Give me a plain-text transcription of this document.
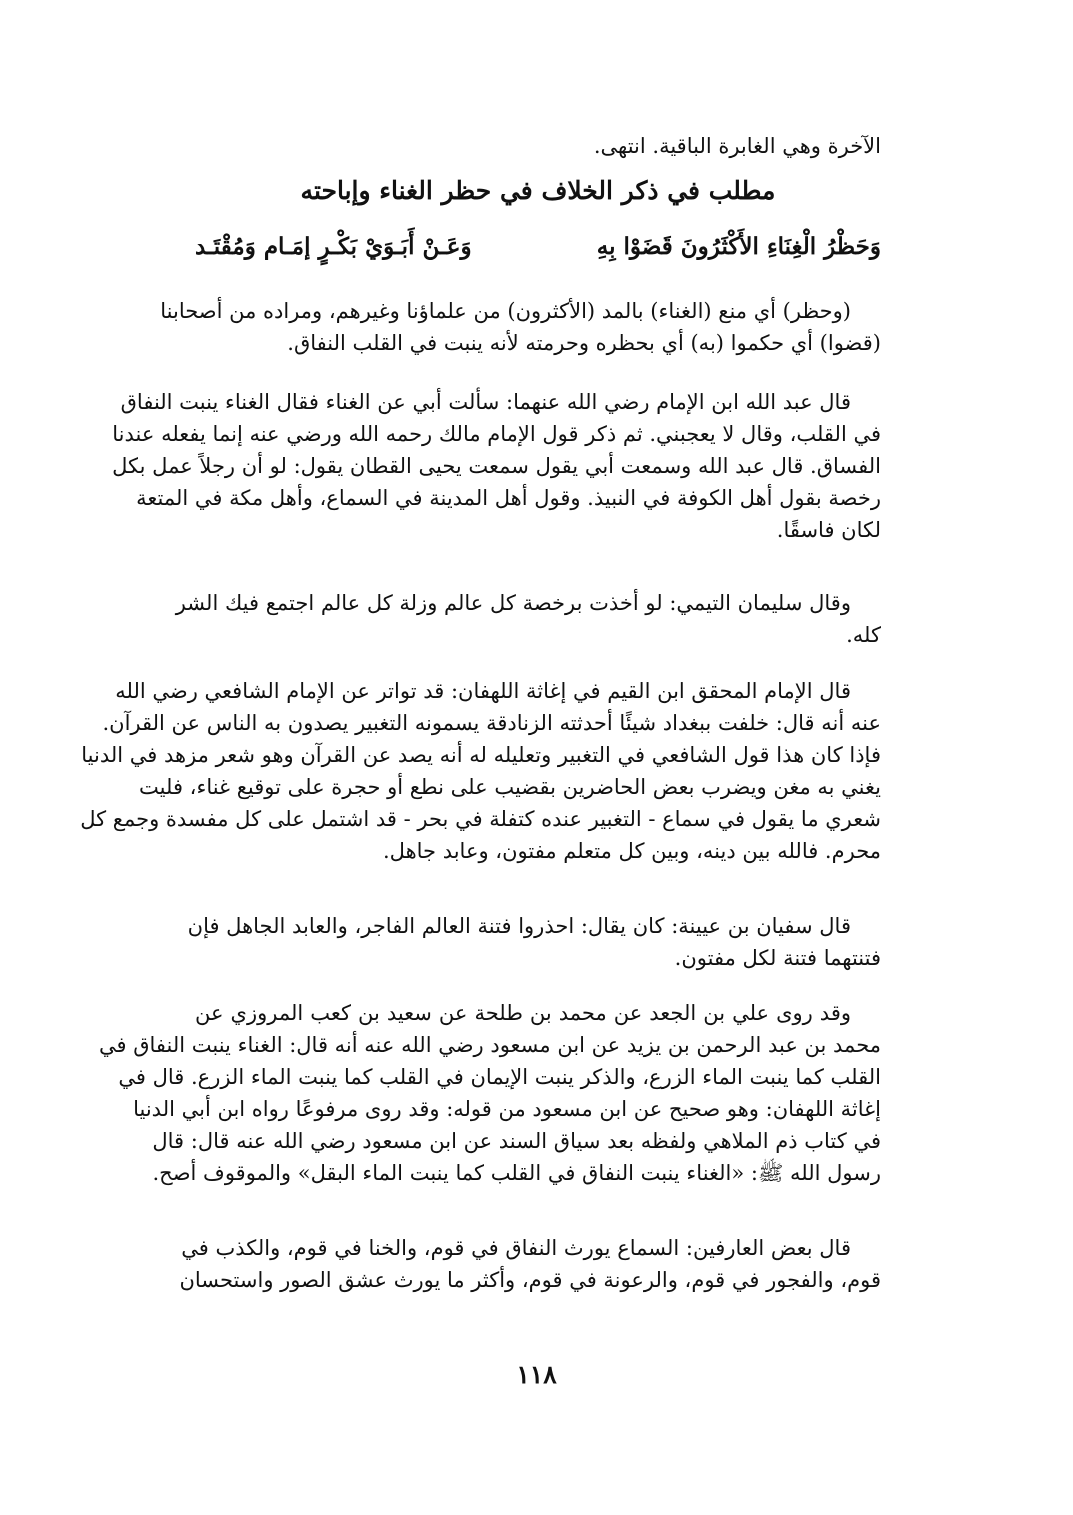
الآخرة وهي الغابرة الباقية. انتهى.
مطلب في ذكر الخلاف في حظر الغناء وإباحته
وَحَظْرُ الْغِنَاءِ الأَكْثَرُونَ قَضَوْا بِهِ
وَعَـنْ أَبَـوَيْ بَكْـرٍ إمَـام وَمُقْتَـد
(وحظر) أي منع (الغناء) بالمد (الأكثرون) من علماؤنا وغيرهم، ومراده من أصحابنا
(قضوا) أي حكموا (به) أي بحظره وحرمته لأنه ينبت في القلب النفاق.
قال عبد الله ابن الإمام رضي الله عنهما: سألت أبي عن الغناء فقال الغناء ينبت النفاق
في القلب، وقال لا يعجبني. ثم ذكر قول الإمام مالك رحمه الله ورضي عنه إنما يفعله عندنا
الفساق. قال عبد الله وسمعت أبي يقول سمعت يحيى القطان يقول: لو أن رجلاً عمل بكل
رخصة بقول أهل الكوفة في النبيذ. وقول أهل المدينة في السماع، وأهل مكة في المتعة
لكان فاسقًا.
وقال سليمان التيمي: لو أخذت برخصة كل عالم وزلة كل عالم اجتمع فيك الشر
كله.
قال الإمام المحقق ابن القيم في إغاثة اللهفان: قد تواتر عن الإمام الشافعي رضي الله
عنه أنه قال: خلفت ببغداد شيئًا أحدثته الزنادقة يسمونه التغبير يصدون به الناس عن القرآن.
فإذا كان هذا قول الشافعي في التغبير وتعليله له أنه يصد عن القرآن وهو شعر مزهد في الدنيا
يغني به مغن ويضرب بعض الحاضرين بقضيب على نطع أو حجرة على توقيع غناء، فليت
شعري ما يقول في سماع - التغبير عنده كتفلة في بحر - قد اشتمل على كل مفسدة وجمع كل
محرم. فالله بين دينه، وبين كل متعلم مفتون، وعابد جاهل.
قال سفيان بن عيينة: كان يقال: احذروا فتنة العالم الفاجر، والعابد الجاهل فإن
فتنتهما فتنة لكل مفتون.
وقد روى علي بن الجعد عن محمد بن طلحة عن سعيد بن كعب المروزي عن
محمد بن عبد الرحمن بن يزيد عن ابن مسعود رضي الله عنه أنه قال: الغناء ينبت النفاق في
القلب كما ينبت الماء الزرع، والذكر ينبت الإيمان في القلب كما ينبت الماء الزرع. قال في
إغاثة اللهفان: وهو صحيح عن ابن مسعود من قوله: وقد روى مرفوعًا رواه ابن أبي الدنيا
في كتاب ذم الملاهي ولفظه بعد سياق السند عن ابن مسعود رضي الله عنه قال: قال
رسول الله ﷺ: «الغناء ينبت النفاق في القلب كما ينبت الماء البقل» والموقوف أصح.
قال بعض العارفين: السماع يورث النفاق في قوم، والخنا في قوم، والكذب في
قوم، والفجور في قوم، والرعونة في قوم، وأكثر ما يورث عشق الصور واستحسان
١١٨
